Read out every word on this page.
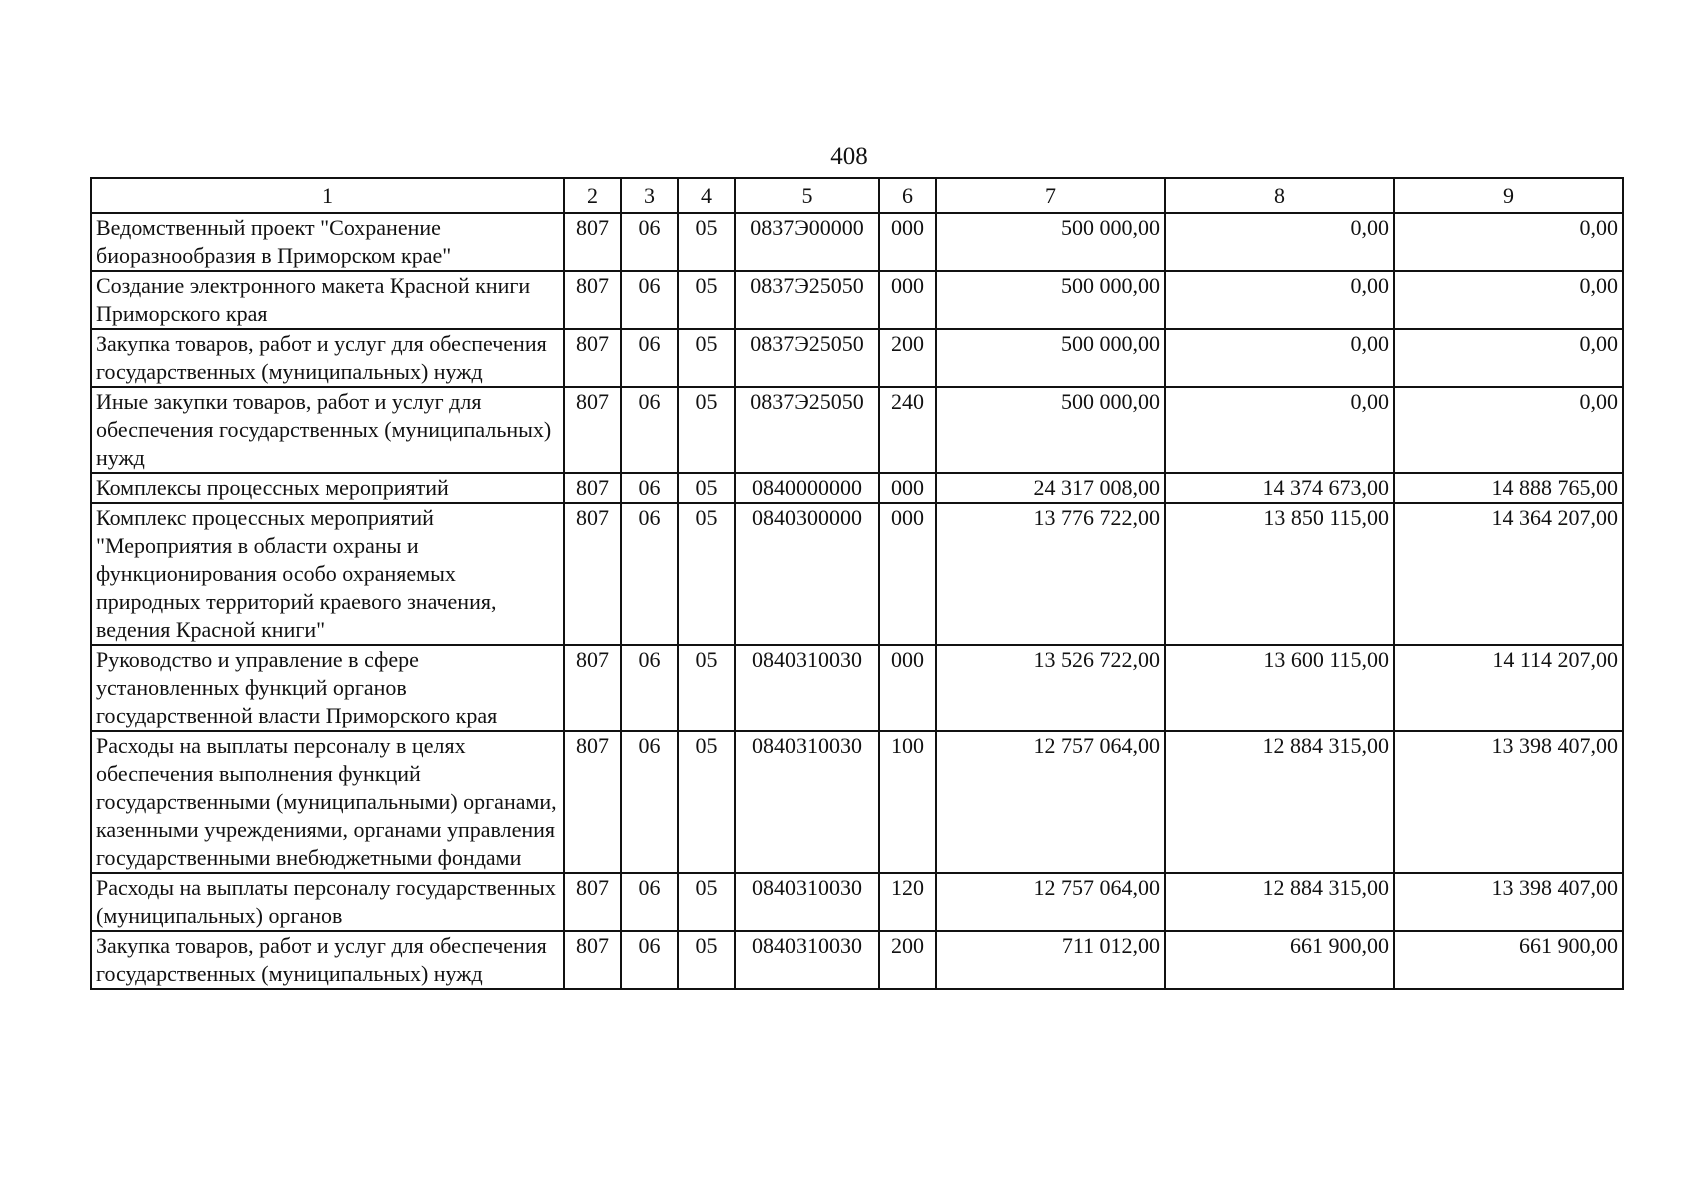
408
1	2	3	4	5	6	7	8	9
Ведомственный проект "Сохранение биоразнообразия в Приморском крае"	807	06	05	0837Э00000	000	500 000,00	0,00	0,00
Создание электронного макета Красной книги Приморского края	807	06	05	0837Э25050	000	500 000,00	0,00	0,00
Закупка товаров, работ и услуг для обеспечения государственных (муниципальных) нужд	807	06	05	0837Э25050	200	500 000,00	0,00	0,00
Иные закупки товаров, работ и услуг для обеспечения государственных (муниципальных) нужд	807	06	05	0837Э25050	240	500 000,00	0,00	0,00
Комплексы процессных мероприятий	807	06	05	0840000000	000	24 317 008,00	14 374 673,00	14 888 765,00
Комплекс процессных мероприятий "Мероприятия в области охраны и функционирования особо охраняемых природных территорий краевого значения, ведения Красной книги"	807	06	05	0840300000	000	13 776 722,00	13 850 115,00	14 364 207,00
Руководство и управление в сфере установленных функций органов государственной власти Приморского края	807	06	05	0840310030	000	13 526 722,00	13 600 115,00	14 114 207,00
Расходы на выплаты персоналу в целях обеспечения выполнения функций государственными (муниципальными) органами, казенными учреждениями, органами управления государственными внебюджетными фондами	807	06	05	0840310030	100	12 757 064,00	12 884 315,00	13 398 407,00
Расходы на выплаты персоналу государственных (муниципальных) органов	807	06	05	0840310030	120	12 757 064,00	12 884 315,00	13 398 407,00
Закупка товаров, работ и услуг для обеспечения государственных (муниципальных) нужд	807	06	05	0840310030	200	711 012,00	661 900,00	661 900,00
